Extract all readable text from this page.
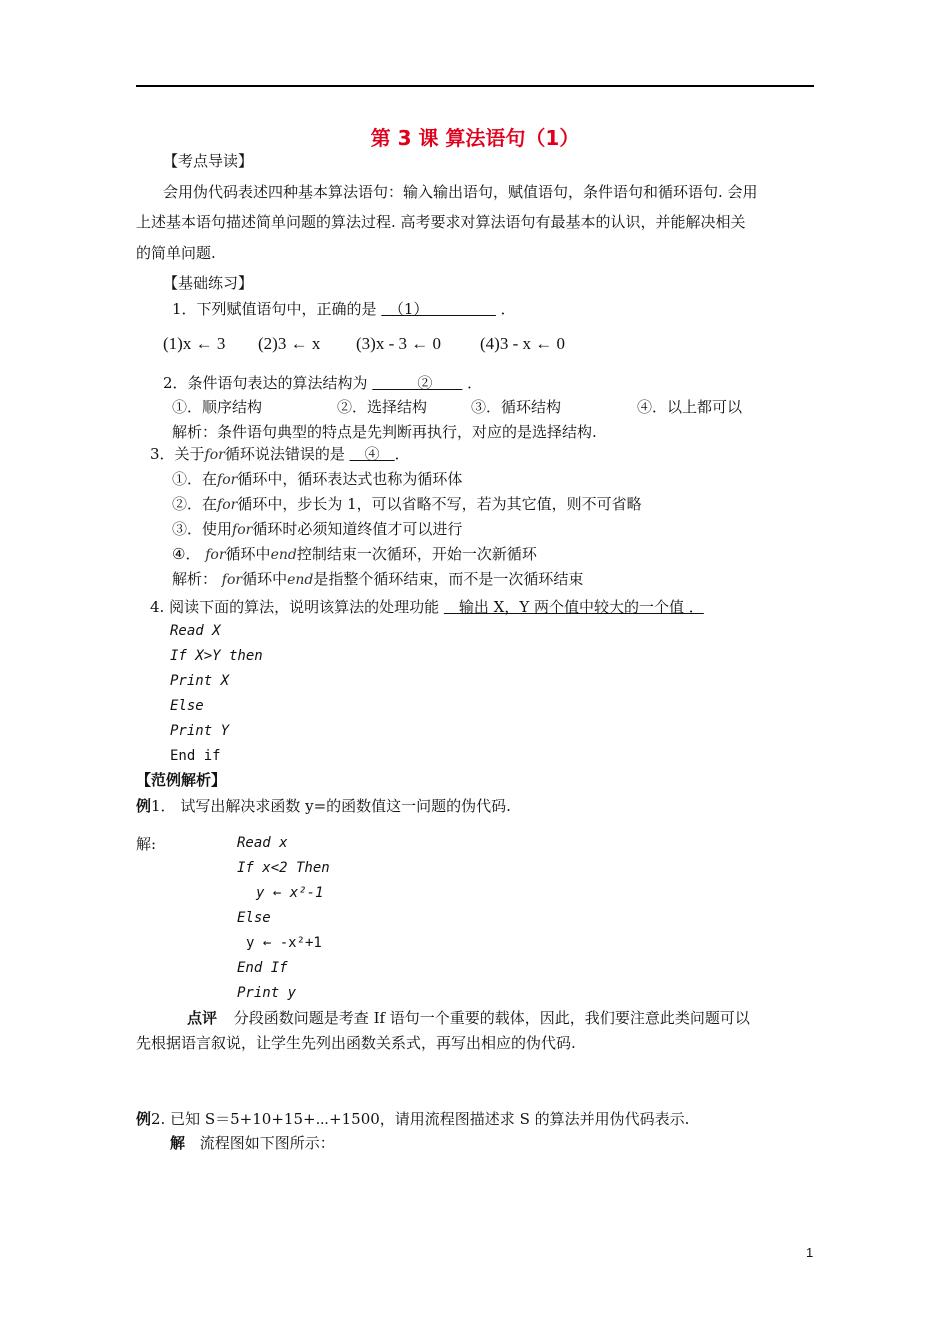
第 3 课 算法语句（1）
【考点导读】
会用伪代码表述四种基本算法语句：输入输出语句，赋值语句，条件语句和循环语句. 会用
上述基本语句描述简单问题的算法过程. 高考要求对算法语句有最基本的认识，并能解决相关
的简单问题.
【基础练习】
1．下列赋值语句中，正确的是 　（1）　　　　　 ．
(1)x ← 3 (2)3 ← x (3)x - 3 ← 0 (4)3 - x ← 0
2．条件语句表达的算法结构为 　　　②　　 ．
①．顺序结构	②．选择结构	③．循环结构	④．以上都可以
解析：条件语句典型的特点是先判断再执行，对应的是选择结构.
3．关于for循环说法错误的是 　④　．
①．在for循环中，循环表达式也称为循环体
②．在for循环中，步长为 1，可以省略不写，若为其它值，则不可省略
③．使用for循环时必须知道终值才可以进行
④． for循环中end控制结束一次循环，开始一次新循环
解析： for循环中end是指整个循环结束，而不是一次循环结束
4. 阅读下面的算法，说明该算法的处理功能 　输出 X，Y 两个值中较大的一个值 ．
Read X
If X>Y then
Print X
Else
Print Y
End if
【范例解析】
例1． 试写出解决求函数 y=的函数值这一问题的伪代码.
解:	Read x
If x<2 Then
y ← x²-1
Else
y ← -x²+1
End If
Print y
点评 分段函数问题是考查 If 语句一个重要的载体，因此，我们要注意此类问题可以
先根据语言叙说，让学生先列出函数关系式，再写出相应的伪代码.
例2. 已知 S＝5+10+15+⋯+1500，请用流程图描述求 S 的算法并用伪代码表示.
解 流程图如下图所示：
1
